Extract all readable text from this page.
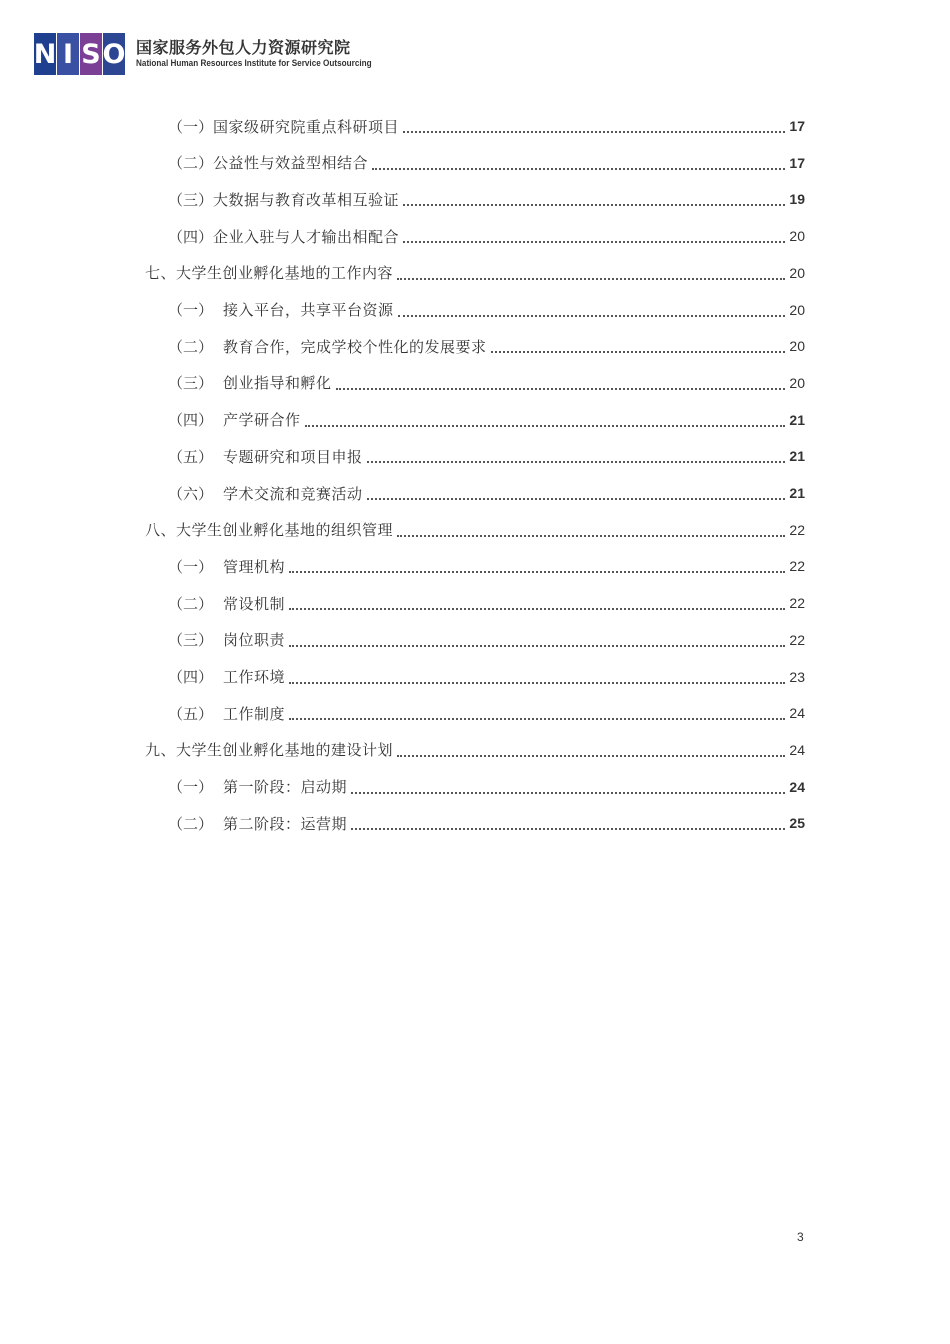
N I S O 国家服务外包人力资源研究院
National Human Resources Institute for Service Outsourcing
（一） 国家级研究院重点科研项目	17
（二） 公益性与效益型相结合	17
（三） 大数据与教育改革相互验证	19
（四） 企业入驻与人才输出相配合	20
七、大学生创业孵化基地的工作内容	20
（一） 接入平台，共享平台资源	20
（二） 教育合作，完成学校个性化的发展要求	20
（三） 创业指导和孵化	20
（四） 产学研合作	21
（五） 专题研究和项目申报	21
（六） 学术交流和竞赛活动	21
八、大学生创业孵化基地的组织管理	22
（一） 管理机构	22
（二） 常设机制	22
（三） 岗位职责	22
（四） 工作环境	23
（五） 工作制度	24
九、大学生创业孵化基地的建设计划	24
（一） 第一阶段：启动期	24
（二） 第二阶段：运营期	25
3
